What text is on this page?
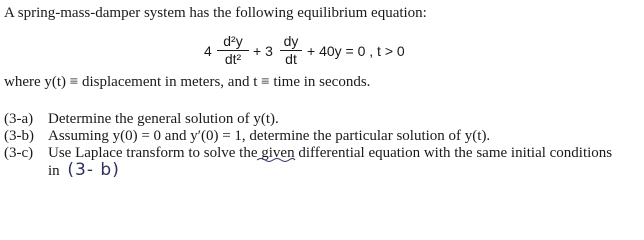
A spring-mass-damper system has the following equilibrium equation:
4
d²y
dt² + 3
dy
dt + 40y = 0 , t > 0
where y(t) ≡ displacement in meters, and t ≡ time in seconds.
(3-a) Determine the general solution of y(t).
(3-b) Assuming y(0) = 0 and y′(0) = 1, determine the particular solution of y(t).
(3-c) Use Laplace transform to solve the given differential equation with the same initial conditions
in (3- b)
